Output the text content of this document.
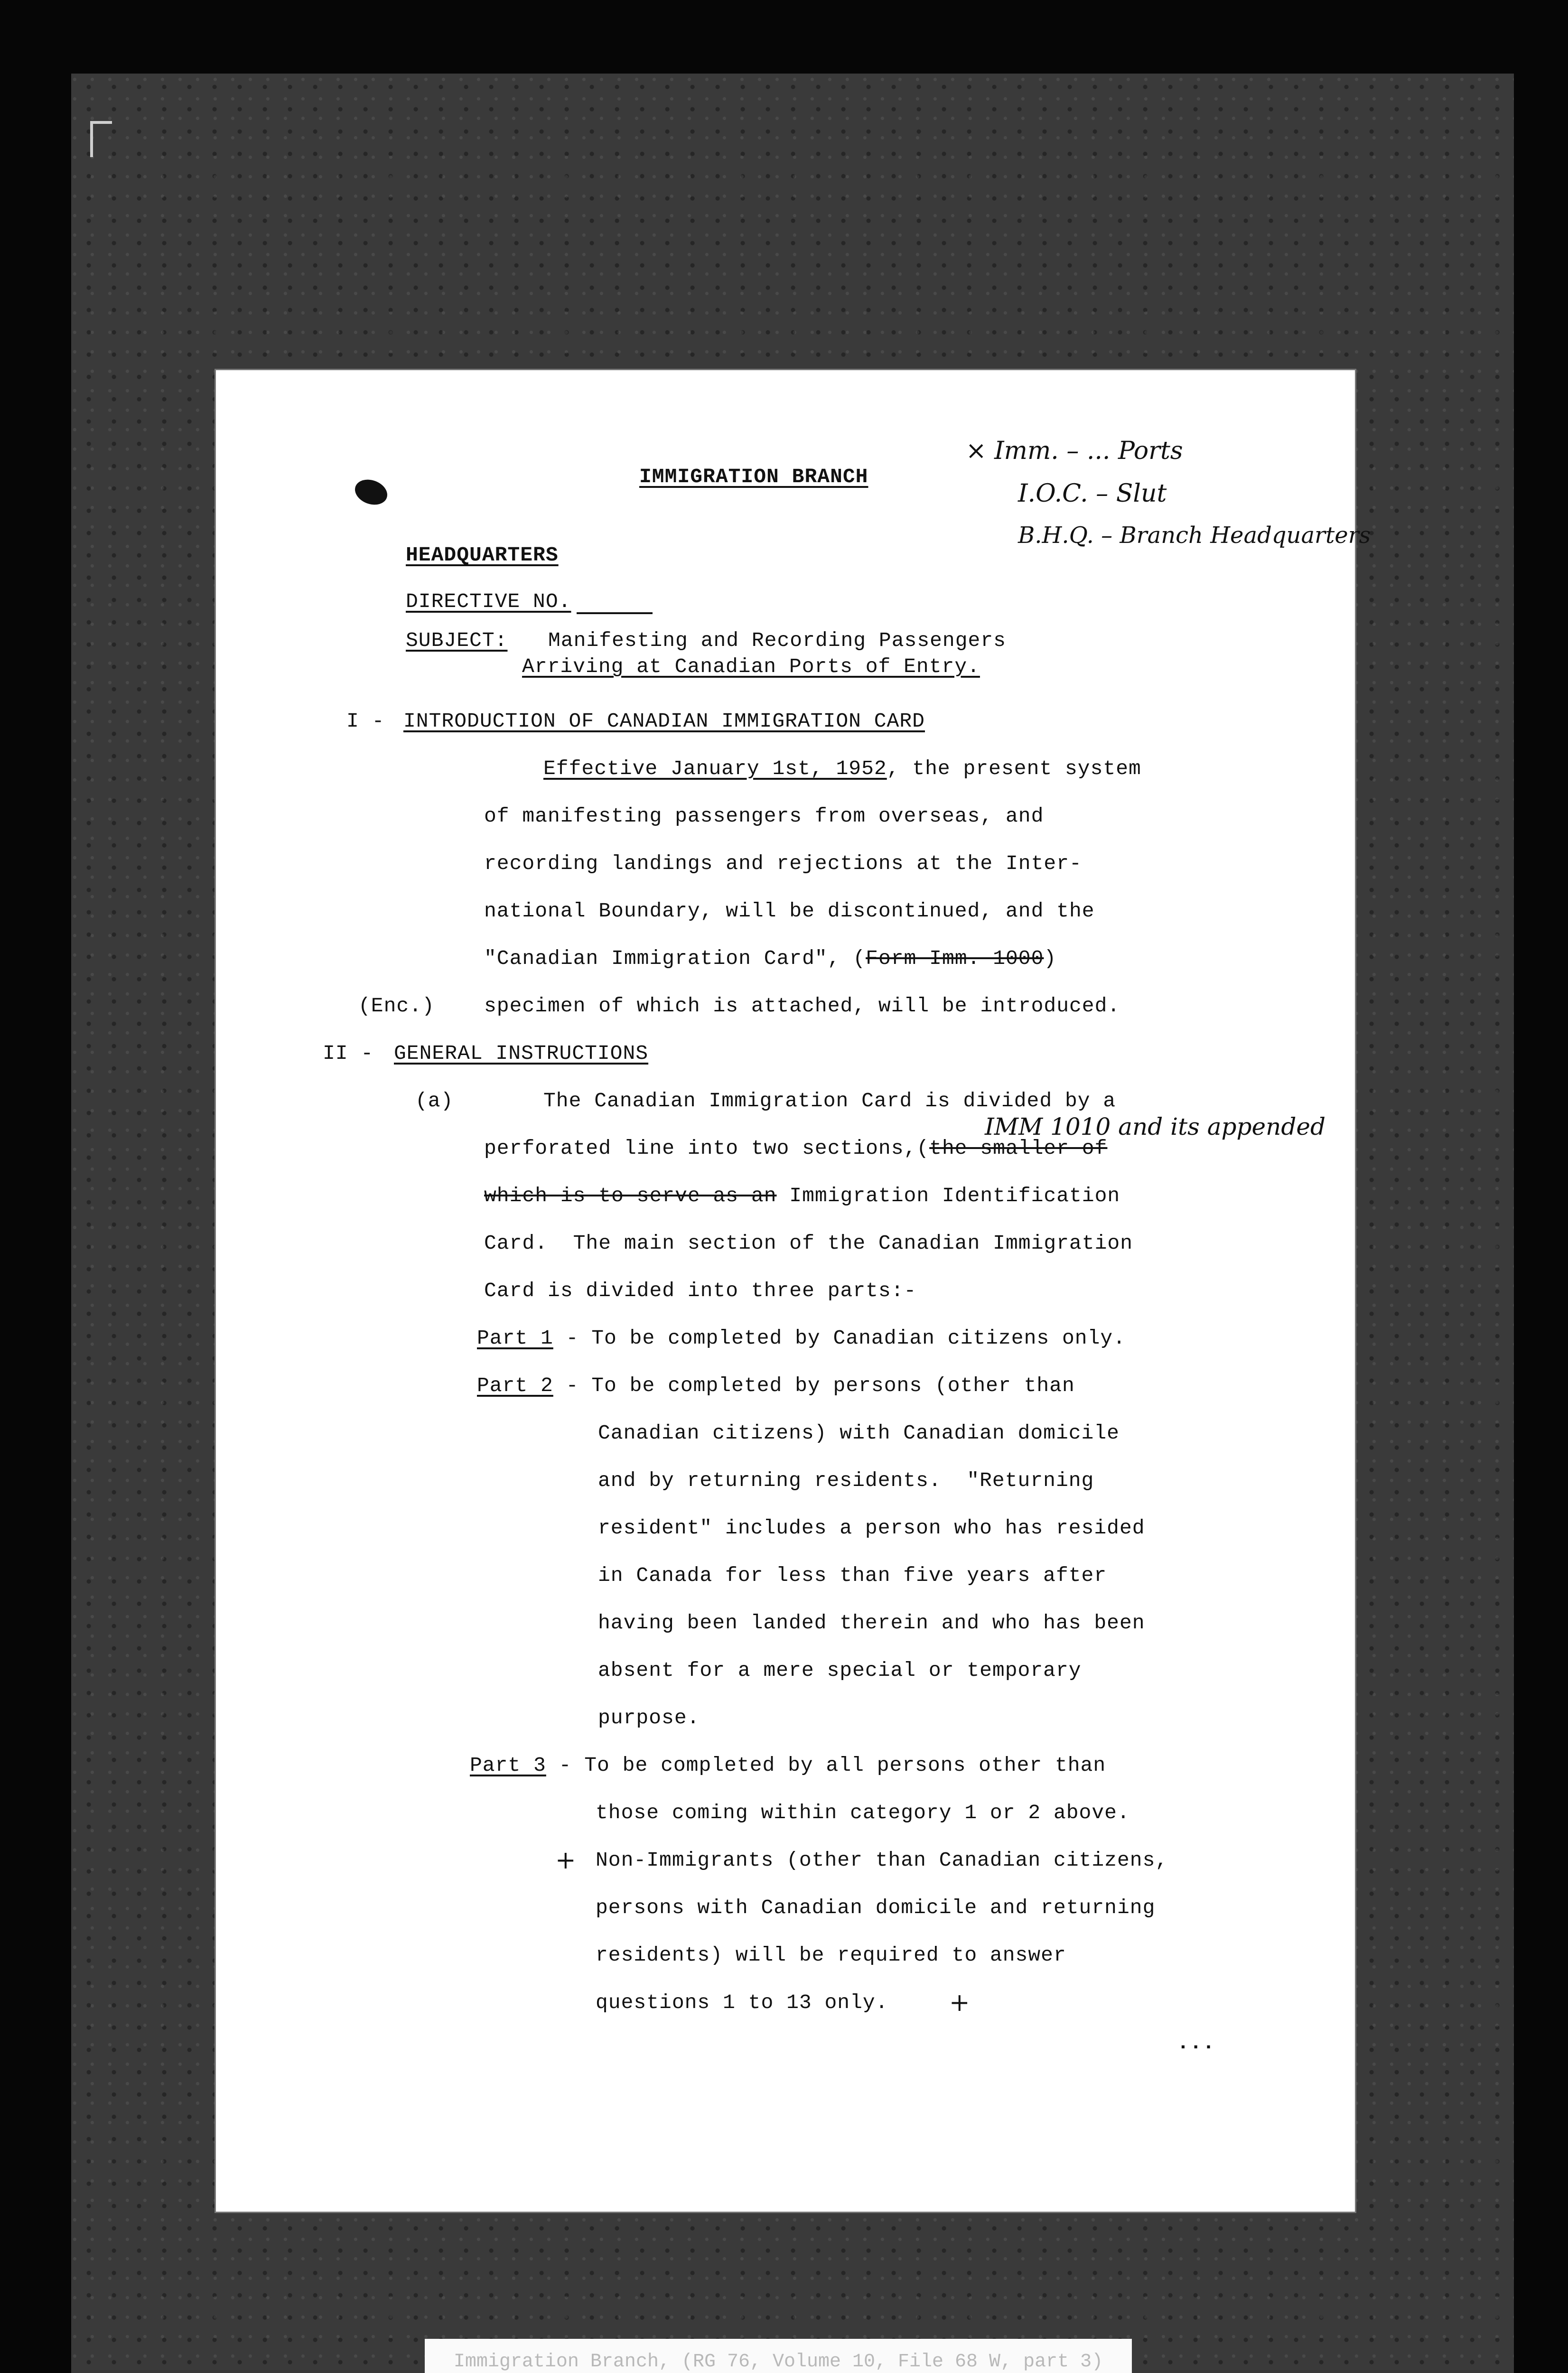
IMMIGRATION BRANCH
× Imm. – ... Ports
I.O.C. – Slut
B.H.Q. – Branch Headquarters
HEADQUARTERS
DIRECTIVE NO.
SUBJECT: Manifesting and Recording Passengers
Arriving at Canadian Ports of Entry.
I - INTRODUCTION OF CANADIAN IMMIGRATION CARD
Effective January 1st, 1952, the present system
of manifesting passengers from overseas, and
recording landings and rejections at the Inter-
national Boundary, will be discontinued, and the
"Canadian Immigration Card", (Form Imm. 1000)
(Enc.) specimen of which is attached, will be introduced.
II - GENERAL INSTRUCTIONS
(a)	The Canadian Immigration Card is divided by a
IMM 1010 and its appended
perforated line into two sections,(the smaller of
which is to serve as an Immigration Identification
Card.  The main section of the Canadian Immigration
Card is divided into three parts:-
Part 1 - To be completed by Canadian citizens only.
Part 2 - To be completed by persons (other than
Canadian citizens) with Canadian domicile
and by returning residents.  "Returning
resident" includes a person who has resided
in Canada for less than five years after
having been landed therein and who has been
absent for a mere special or temporary
purpose.
Part 3 - To be completed by all persons other than
those coming within category 1 or 2 above.
+ Non-Immigrants (other than Canadian citizens,
persons with Canadian domicile and returning
residents) will be required to answer
questions 1 to 13 only. +
...
Immigration Branch, (RG 76, Volume 10, File 68 W, part 3)
